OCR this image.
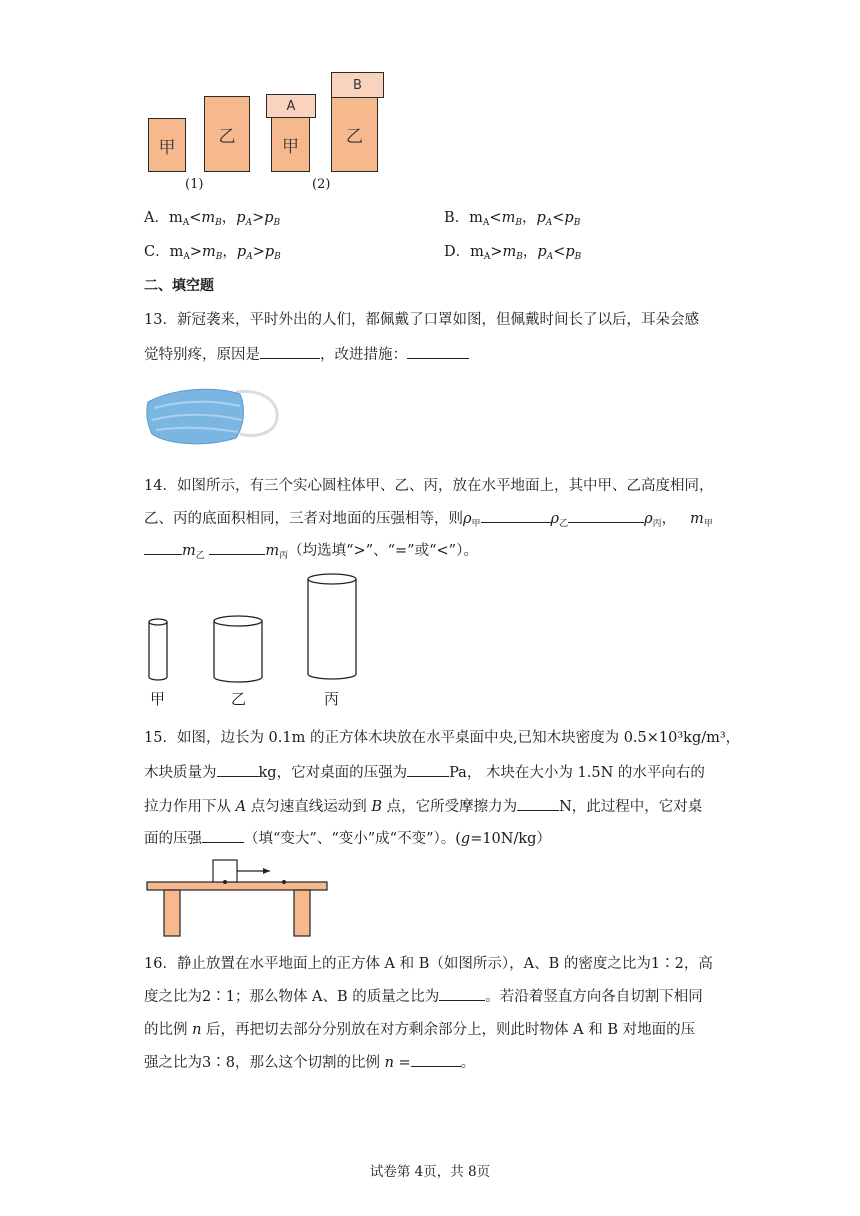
甲
乙
A
甲
B
乙
(1)	(2)
A．$m_A<m_B$，$p_A>p_B$	B．$m_A<m_B$，$p_A<p_B$
C．$m_A>m_B$，$p_A>p_B$	D．$m_A>m_B$，$p_A<p_B$
二、填空题
13．新冠袭来，平时外出的人们，都佩戴了口罩如图，但佩戴时间长了以后，耳朵会感
觉特别疼，原因是	，改进措施：
14．如图所示，有三个实心圆柱体甲、乙、丙，放在水平地面上，其中甲、乙高度相同，
乙、丙的底面积相同，三者对地面的压强相等，则$\rho_甲$	$\rho_乙$	$\rho_丙$，   $m_甲$
$m_乙$	$m_丙$（均选填“>”、“=”或“<”）。
甲	乙	丙
15．如图，边长为 0.1m 的正方体木块放在水平桌面中央,已知木块密度为 0.5×10³kg/m³，
木块质量为	kg，它对桌面的压强为	Pa， 木块在大小为 1.5N 的水平向右的
拉力作用下从 A 点匀速直线运动到 B 点，它所受摩擦力为	N，此过程中，它对桌
面的压强	（填“变大”、“变小”成“不变”）。(g=10N/kg）
16．静止放置在水平地面上的正方体 A 和 B（如图所示），A、B 的密度之比为1∶2，高
度之比为2∶1；那么物体 A、B 的质量之比为	。若沿着竖直方向各自切割下相同
的比例 n 后，再把切去部分分别放在对方剩余部分上，则此时物体 A 和 B 对地面的压
强之比为3∶8，那么这个切割的比例 n =	。
试卷第 4页，共 8页
